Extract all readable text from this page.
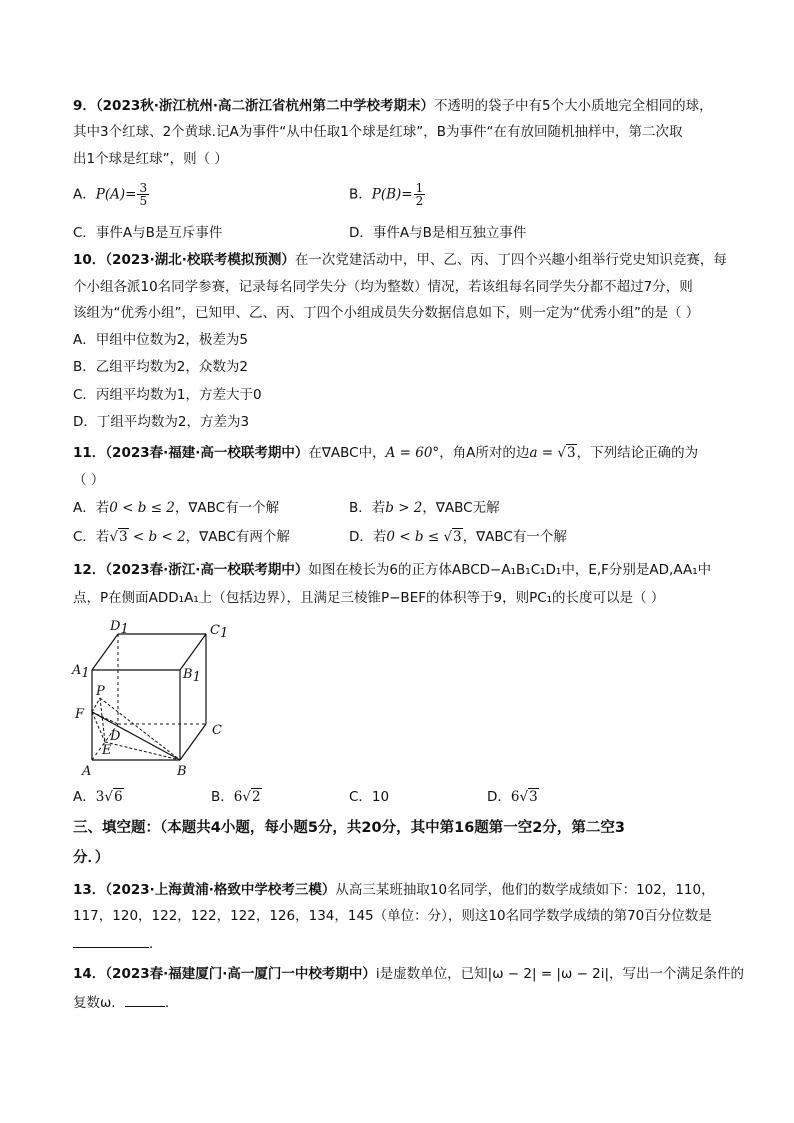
9．（2023秋·浙江杭州·高二浙江省杭州第二中学校考期末）不透明的袋子中有5个大小质地完全相同的球，
其中3个红球、2个黄球.记A为事件“从中任取1个球是红球”，B为事件“在有放回随机抽样中，第二次取
出1个球是红球”，则（ ）
A．$P(A)= \frac{3}{5}$	B．$P(B)= \frac{1}{2}$
C．事件A与B是互斥事件	D．事件A与B是相互独立事件
10．（2023·湖北·校联考模拟预测）在一次党建活动中，甲、乙、丙、丁四个兴趣小组举行党史知识竞赛，每
个小组各派10名同学参赛，记录每名同学失分（均为整数）情况，若该组每名同学失分都不超过7分，则
该组为“优秀小组”，已知甲、乙、丙、丁四个小组成员失分数据信息如下，则一定为“优秀小组”的是（ ）
A．甲组中位数为2，极差为5
B．乙组平均数为2，众数为2
C．丙组平均数为1，方差大于0
D．丁组平均数为2，方差为3
11．（2023春·福建·高一校联考期中）在∇ABC中，A = 60°，角A所对的边a = √3，下列结论正确的为
（ ）
A．若0 < b ≤ 2，∇ABC有一个解	B．若b > 2，∇ABC无解
C．若√3 < b < 2，∇ABC有两个解	D．若0 < b ≤ √3，∇ABC有一个解
12．（2023春·浙江·高一校联考期中）如图在棱长为6的正方体ABCD−A₁B₁C₁D₁中，E,F分别是AD,AA₁中
点，P在侧面ADD₁A₁上（包括边界），且满足三棱锥P−BEF的体积等于9，则PC₁的长度可以是（ ）
D1	C1
A1	B1
P
F
D
E
C
A	B
A．3√6	B．6√2	C．10	D．6√3
三、填空题：（本题共4小题，每小题5分，共20分，其中第16题第一空2分，第二空3
分．）
13．（2023·上海黄浦·格致中学校考三模）从高三某班抽取10名同学，他们的数学成绩如下：102，110，
117，120，122，122，122，126，134，145（单位：分），则这10名同学数学成绩的第70百分位数是
.
14．（2023春·福建厦门·高一厦门一中校考期中）i是虚数单位，已知|ω − 2| = |ω − 2i|，写出一个满足条件的
复数ω．	.
